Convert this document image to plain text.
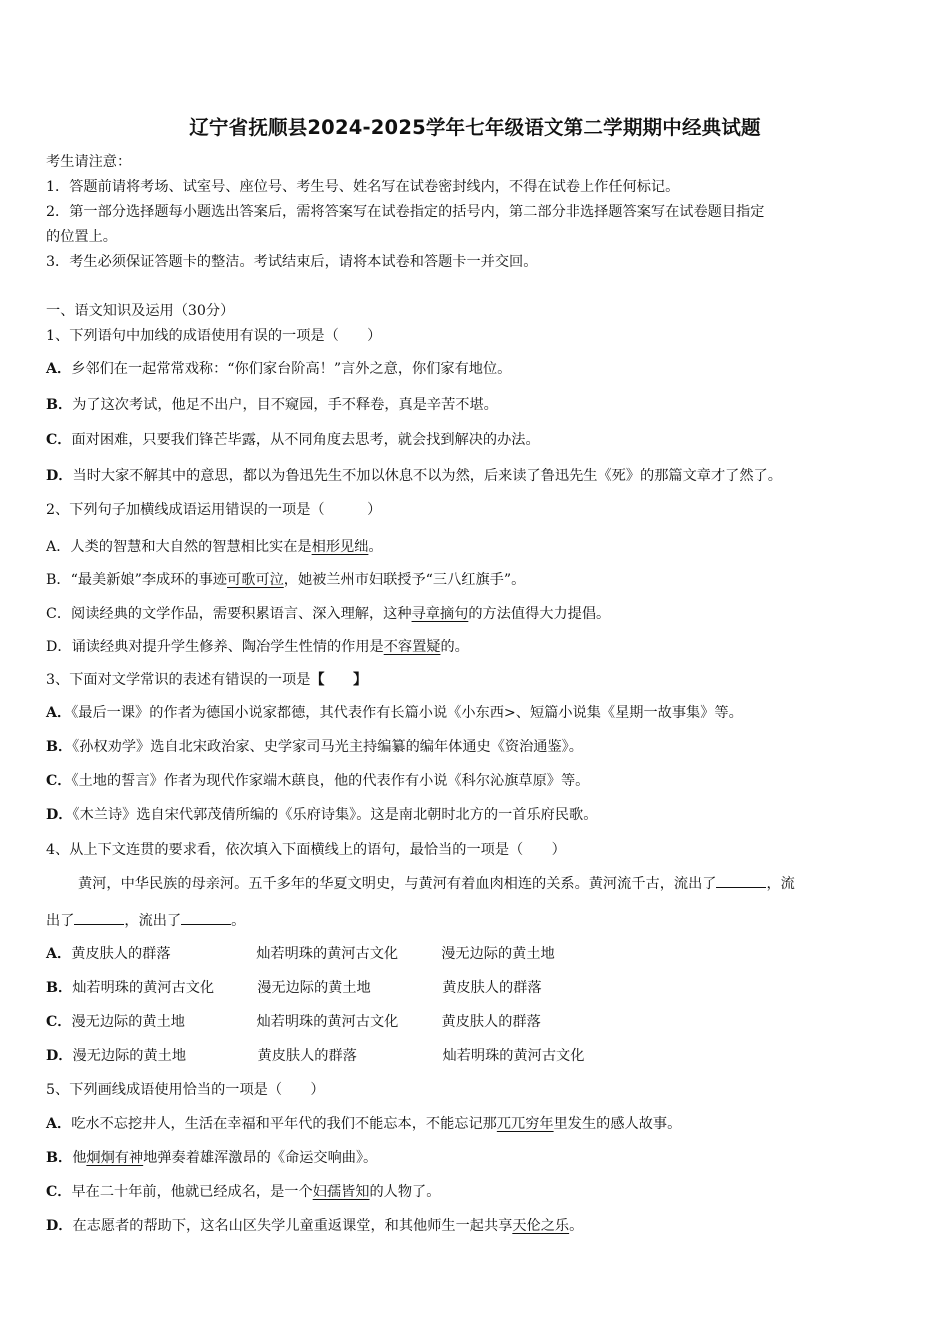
辽宁省抚顺县2024-2025学年七年级语文第二学期期中经典试题
考生请注意：
1．答题前请将考场、试室号、座位号、考生号、姓名写在试卷密封线内，不得在试卷上作任何标记。
2．第一部分选择题每小题选出答案后，需将答案写在试卷指定的括号内，第二部分非选择题答案写在试卷题目指定
的位置上。
3．考生必须保证答题卡的整洁。考试结束后，请将本试卷和答题卡一并交回。
一、语文知识及运用（30分）
1、下列语句中加线的成语使用有误的一项是（　　）
A．乡邻们在一起常常戏称：“你们家台阶高！”言外之意，你们家有地位。
B．为了这次考试，他足不出户，目不窥园，手不释卷，真是辛苦不堪。
C．面对困难，只要我们锋芒毕露，从不同角度去思考，就会找到解决的办法。
D．当时大家不解其中的意思，都以为鲁迅先生不加以休息不以为然，后来读了鲁迅先生《死》的那篇文章才了然了。
2、下列句子加横线成语运用错误的一项是（　　　）
A．人类的智慧和大自然的智慧相比实在是相形见绌。
B．“最美新娘”李成环的事迹可歌可泣，她被兰州市妇联授予“三八红旗手”。
C．阅读经典的文学作品，需要积累语言、深入理解，这种寻章摘句的方法值得大力提倡。
D．诵读经典对提升学生修养、陶冶学生性情的作用是不容置疑的。
3、下面对文学常识的表述有错误的一项是【　　】
A．《最后一课》的作者为德国小说家都德，其代表作有长篇小说《小东西>、短篇小说集《星期一故事集》等。
B．《孙权劝学》选自北宋政治家、史学家司马光主持编纂的编年体通史《资治通鉴》。
C．《土地的誓言》作者为现代作家端木蕻良，他的代表作有小说《科尔沁旗草原》等。
D．《木兰诗》选自宋代郭茂倩所编的《乐府诗集》。这是南北朝时北方的一首乐府民歌。
4、从上下文连贯的要求看，依次填入下面横线上的语句，最恰当的一项是（　　）
黄河，中华民族的母亲河。五千多年的华夏文明史，与黄河有着血肉相连的关系。黄河流千古，流出了	，流
出了	，流出了	。
A．黄皮肤人的群落	灿若明珠的黄河古文化	漫无边际的黄土地
B．灿若明珠的黄河古文化	漫无边际的黄土地	黄皮肤人的群落
C．漫无边际的黄土地	灿若明珠的黄河古文化	黄皮肤人的群落
D．漫无边际的黄土地	黄皮肤人的群落	灿若明珠的黄河古文化
5、下列画线成语使用恰当的一项是（　　）
A．吃水不忘挖井人，生活在幸福和平年代的我们不能忘本，不能忘记那兀兀穷年里发生的感人故事。
B．他炯炯有神地弹奏着雄浑激昂的《命运交响曲》。
C．早在二十年前，他就已经成名，是一个妇孺皆知的人物了。
D．在志愿者的帮助下，这名山区失学儿童重返课堂，和其他师生一起共享天伦之乐。
